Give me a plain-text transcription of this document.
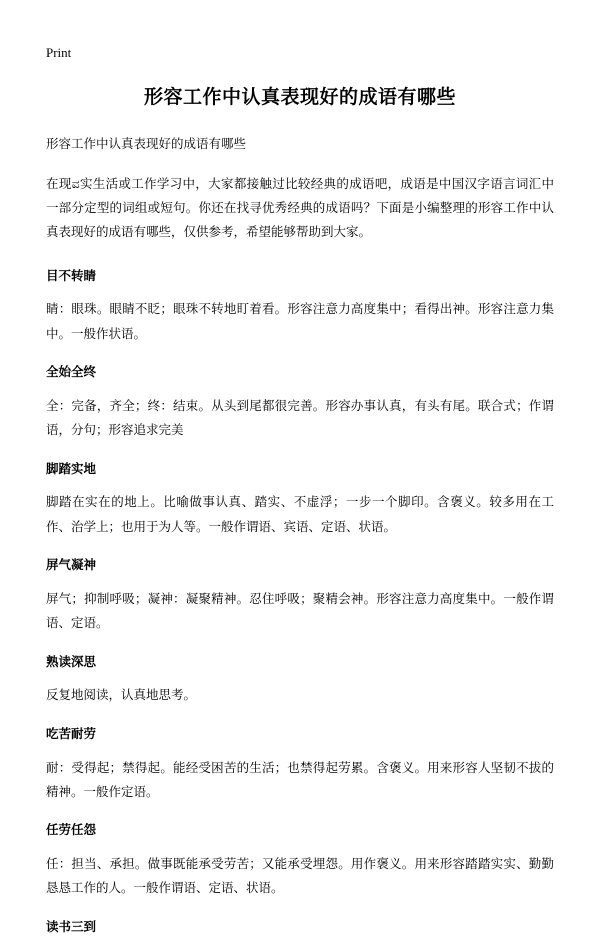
Print
形容工作中认真表现好的成语有哪些

形容工作中认真表现好的成语有哪些

在现ವ实生活或工作学习中，大家都接触过比较经典的成语吧，成语是中国汉字语言词汇中一部分定型的词组或短句。你还在找寻优秀经典的成语吗？下面是小编整理的形容工作中认真表现好的成语有哪些，仅供参考，希望能够帮助到大家。

目不转睛

睛：眼珠。眼睛不眨；眼珠不转地盯着看。形容注意力高度集中；看得出神。形容注意力集中。一般作状语。

全始全终

全：完备，齐全；终：结束。从头到尾都很完善。形容办事认真，有头有尾。联合式；作谓语，分句；形容追求完美

脚踏实地

脚踏在实在的地上。比喻做事认真、踏实、不虚浮；一步一个脚印。含褒义。较多用在工作、治学上；也用于为人等。一般作谓语、宾语、定语、状语。

屏气凝神

屏气；抑制呼吸；凝神：凝聚精神。忍住呼吸；聚精会神。形容注意力高度集中。一般作谓语、定语。

熟读深思

反复地阅读，认真地思考。

吃苦耐劳

耐：受得起；禁得起。能经受困苦的生活；也禁得起劳累。含褒义。用来形容人坚韧不拔的精神。一般作定语。

任劳任怨

任：担当、承担。做事既能承受劳苦；又能承受埋怨。用作褒义。用来形容踏踏实实、勤勤恳恳工作的人。一般作谓语、定语、状语。

读书三到
